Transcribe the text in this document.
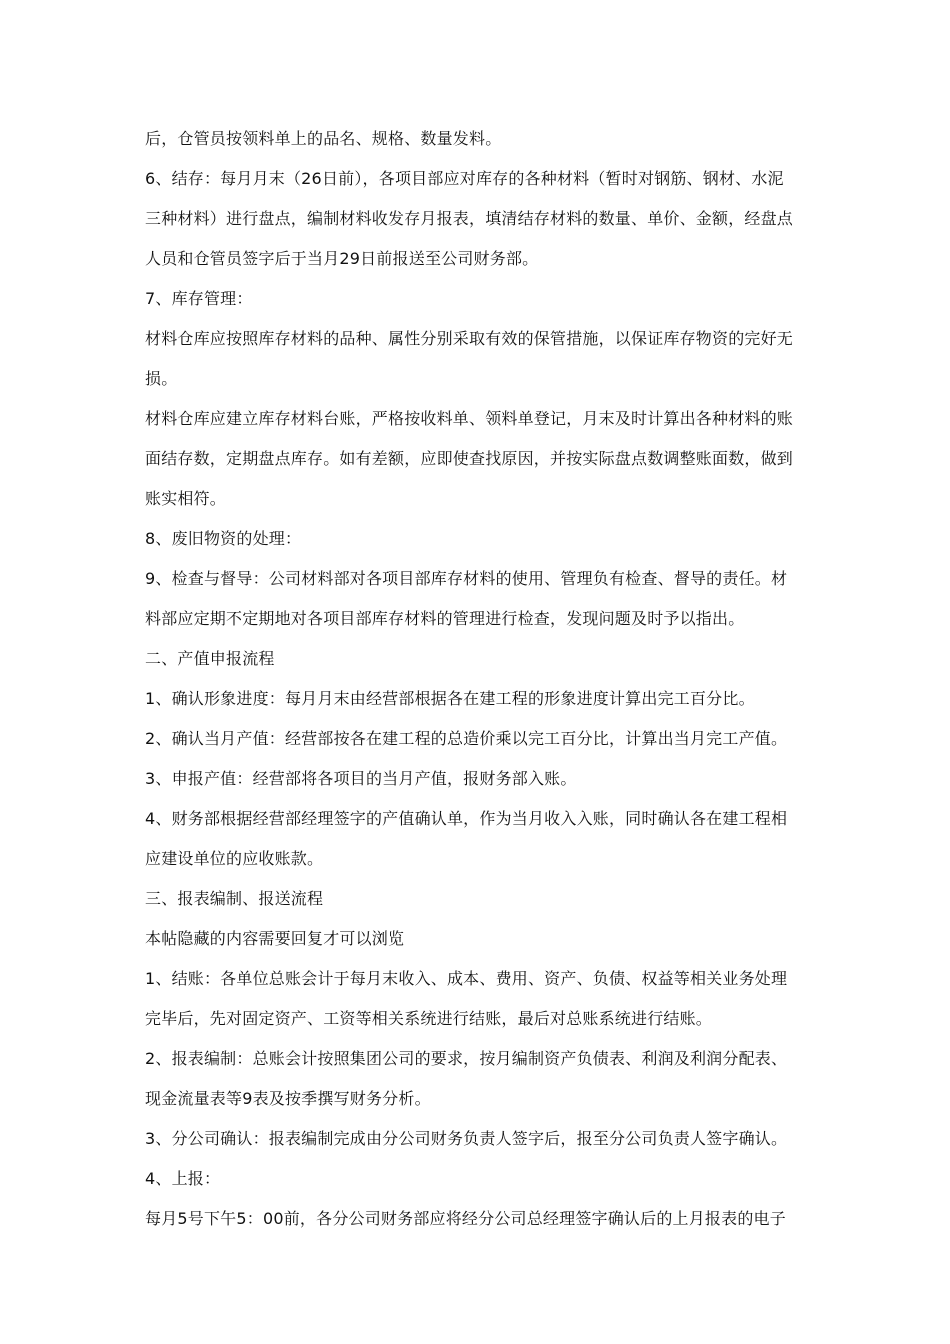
后，仓管员按领料单上的品名、规格、数量发料。

6、结存：每月月末（26日前），各项目部应对库存的各种材料（暂时对钢筋、钢材、水泥
三种材料）进行盘点，编制材料收发存月报表，填清结存材料的数量、单价、金额，经盘点
人员和仓管员签字后于当月29日前报送至公司财务部。

7、库存管理：

材料仓库应按照库存材料的品种、属性分别采取有效的保管措施，以保证库存物资的完好无
损。

材料仓库应建立库存材料台账，严格按收料单、领料单登记，月末及时计算出各种材料的账
面结存数，定期盘点库存。如有差额，应即使查找原因，并按实际盘点数调整账面数，做到
账实相符。

8、废旧物资的处理：

9、检查与督导：公司材料部对各项目部库存材料的使用、管理负有检查、督导的责任。材
料部应定期不定期地对各项目部库存材料的管理进行检查，发现问题及时予以指出。

二、产值申报流程

1、确认形象进度：每月月末由经营部根据各在建工程的形象进度计算出完工百分比。

2、确认当月产值：经营部按各在建工程的总造价乘以完工百分比，计算出当月完工产值。

3、申报产值：经营部将各项目的当月产值，报财务部入账。

4、财务部根据经营部经理签字的产值确认单，作为当月收入入账，同时确认各在建工程相
应建设单位的应收账款。

三、报表编制、报送流程

本帖隐藏的内容需要回复才可以浏览

1、结账：各单位总账会计于每月末收入、成本、费用、资产、负债、权益等相关业务处理
完毕后，先对固定资产、工资等相关系统进行结账，最后对总账系统进行结账。

2、报表编制：总账会计按照集团公司的要求，按月编制资产负债表、利润及利润分配表、
现金流量表等9表及按季撰写财务分析。

3、分公司确认：报表编制完成由分公司财务负责人签字后，报至分公司负责人签字确认。

4、上报：

每月5号下午5：00前，各分公司财务部应将经分公司总经理签字确认后的上月报表的电子
